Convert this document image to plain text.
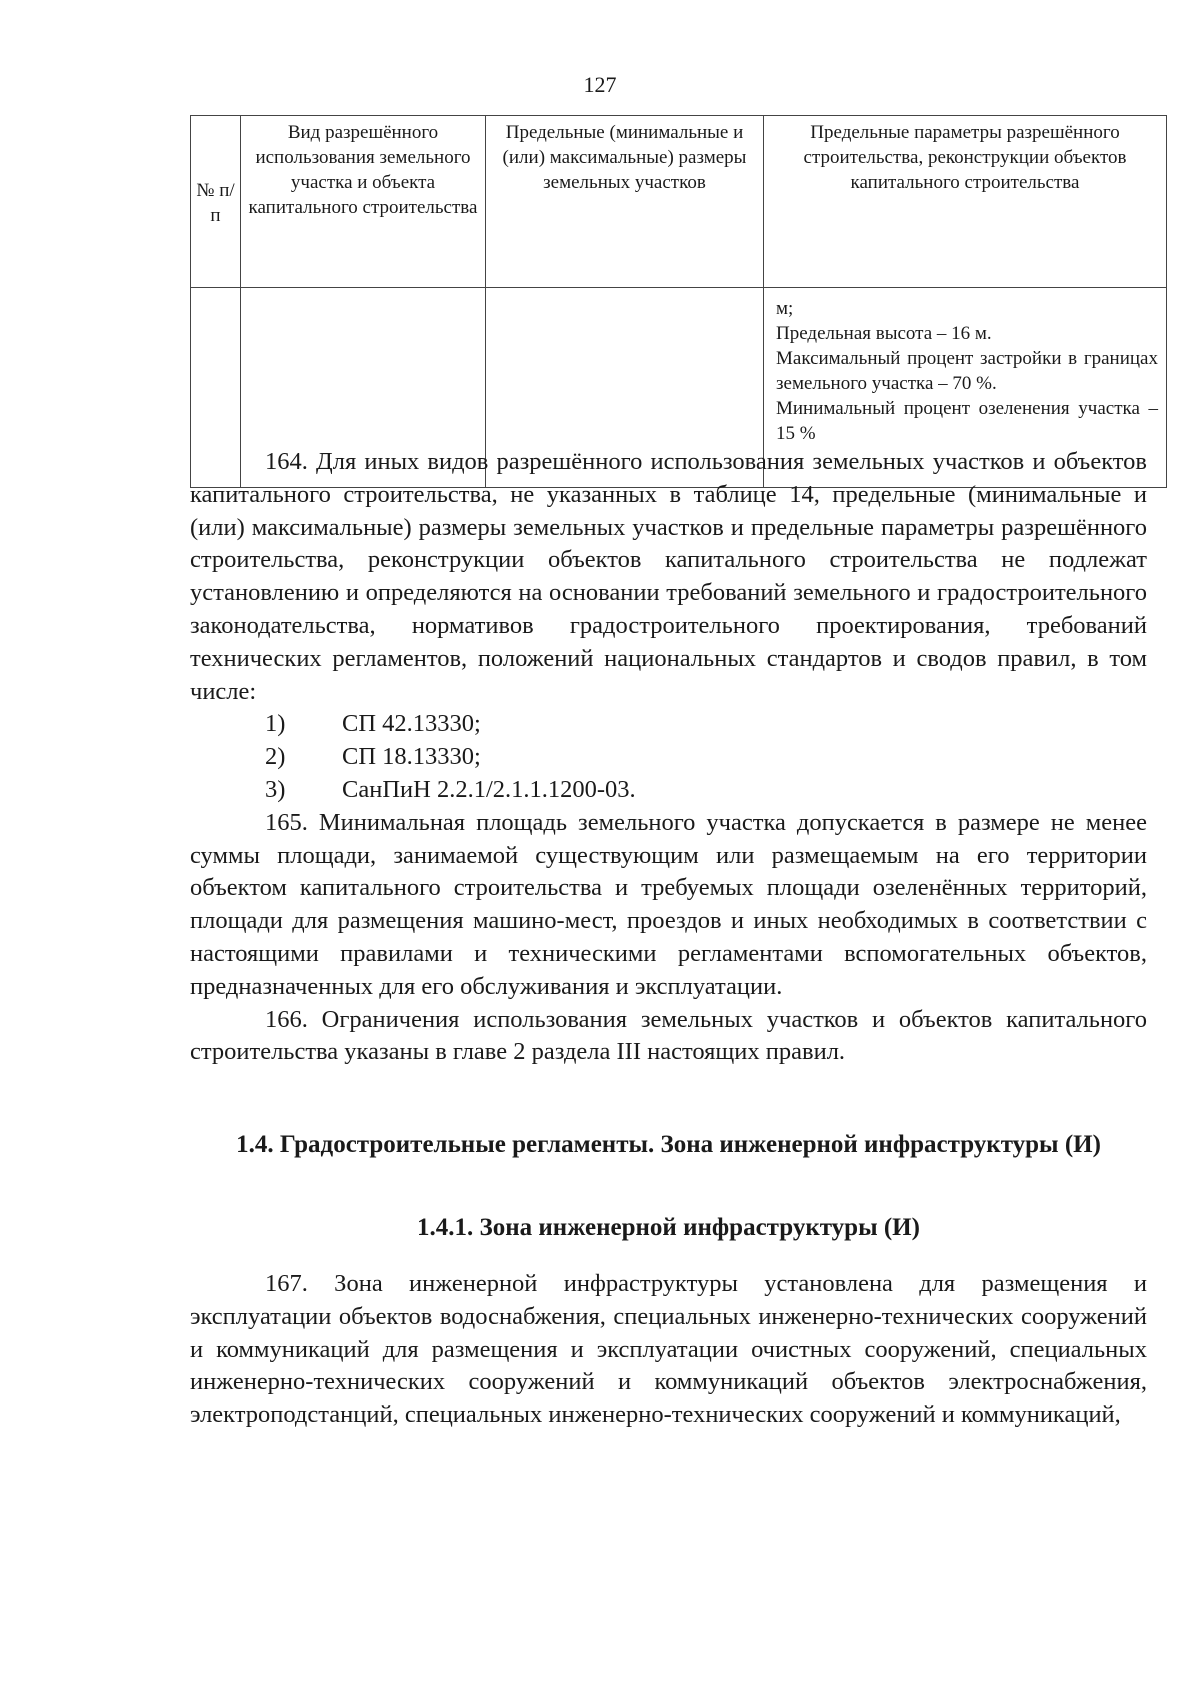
127
№ п/п	Вид разрешённого использования земельного участка и объекта капитального строительства	Предельные (минимальные и (или) максимальные) размеры земельных участков	Предельные параметры разрешённого строительства, реконструкции объектов капитального строительства

			м;
Предельная высота – 16 м.
Максимальный процент застройки в границах земельного участка – 70 %.
Минимальный процент озеленения участка – 15 %

164. Для иных видов разрешённого использования земельных участков и объектов капитального строительства, не указанных в таблице 14, предельные (минимальные и (или) максимальные) размеры земельных участков и предельные параметры разрешённого строительства, реконструкции объектов капитального строительства не подлежат установлению и определяются на основании требований земельного и градостроительного законодательства, нормативов градостроительного проектирования, требований технических регламентов, положений национальных стандартов и сводов правил, в том числе:

1) СП 42.13330;
2) СП 18.13330;
3) СанПиН 2.2.1/2.1.1.1200-03.

165. Минимальная площадь земельного участка допускается в размере не менее суммы площади, занимаемой существующим или размещаемым на его территории объектом капитального строительства и требуемых площади озеленённых территорий, площади для размещения машино-мест, проездов и иных необходимых в соответствии с настоящими правилами и техническими регламентами вспомогательных объектов, предназначенных для его обслуживания и эксплуатации.

166. Ограничения использования земельных участков и объектов капитального строительства указаны в главе 2 раздела III настоящих правил.

1.4. Градостроительные регламенты. Зона инженерной инфраструктуры (И)
1.4.1. Зона инженерной инфраструктуры (И)

167. Зона инженерной инфраструктуры установлена для размещения и эксплуатации объектов водоснабжения, специальных инженерно-технических сооружений и коммуникаций для размещения и эксплуатации очистных сооружений, специальных инженерно-технических сооружений и коммуникаций объектов электроснабжения, электроподстанций, специальных инженерно-технических сооружений и коммуникаций,
